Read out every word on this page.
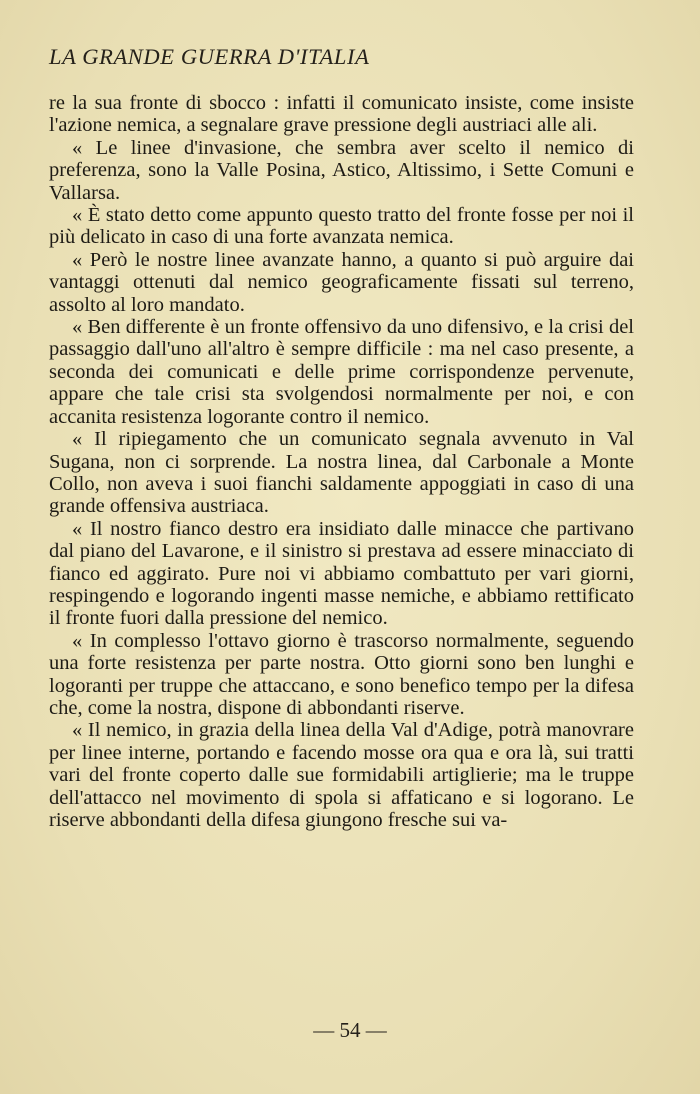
LA GRANDE GUERRA D'ITALIA

re la sua fronte di sbocco : infatti il comunicato insiste, come insiste l'azione nemica, a segnalare grave pressione degli austriaci alle ali.

« Le linee d'invasione, che sembra aver scelto il nemico di preferenza, sono la Valle Posina, Astico, Altissimo, i Sette Comuni e Vallarsa.

« È stato detto come appunto questo tratto del fronte fosse per noi il più delicato in caso di una forte avanzata nemica.

« Però le nostre linee avanzate hanno, a quanto si può arguire dai vantaggi ottenuti dal nemico geograficamente fissati sul terreno, assolto al loro mandato.

« Ben differente è un fronte offensivo da uno difensivo, e la crisi del passaggio dall'uno all'altro è sempre difficile : ma nel caso presente, a seconda dei comunicati e delle prime corrispondenze pervenute, appare che tale crisi sta svolgendosi normalmente per noi, e con accanita resistenza logorante contro il nemico.

« Il ripiegamento che un comunicato segnala avvenuto in Val Sugana, non ci sorprende. La nostra linea, dal Carbonale a Monte Collo, non aveva i suoi fianchi saldamente appoggiati in caso di una grande offensiva austriaca.

« Il nostro fianco destro era insidiato dalle minacce che partivano dal piano del Lavarone, e il sinistro si prestava ad essere minacciato di fianco ed aggirato. Pure noi vi abbiamo combattuto per vari giorni, respingendo e logorando ingenti masse nemiche, e abbiamo rettificato il fronte fuori dalla pressione del nemico.

« In complesso l'ottavo giorno è trascorso normalmente, seguendo una forte resistenza per parte nostra. Otto giorni sono ben lunghi e logoranti per truppe che attaccano, e sono benefico tempo per la difesa che, come la nostra, dispone di abbondanti riserve.

« Il nemico, in grazia della linea della Val d'Adige, potrà manovrare per linee interne, portando e facendo mosse ora qua e ora là, sui tratti vari del fronte coperto dalle sue formidabili artiglierie; ma le truppe dell'attacco nel movimento di spola si affaticano e si logorano. Le riserve abbondanti della difesa giungono fresche sui va-

— 54 —
